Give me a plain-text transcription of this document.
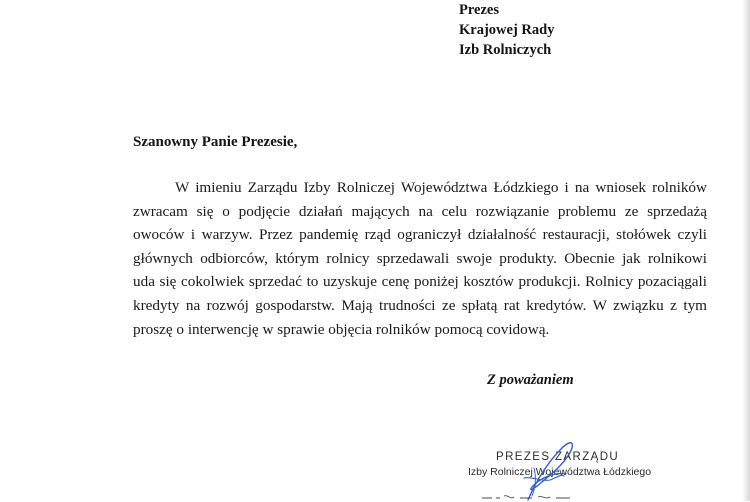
Prezes
Krajowej Rady
Izb Rolniczych
Szanowny Panie Prezesie,
W imieniu Zarządu Izby Rolniczej Województwa Łódzkiego i na wniosek rolników
zwracam się o podjęcie działań mających na celu rozwiązanie problemu ze sprzedażą
owoców i warzyw. Przez pandemię rząd ograniczył działalność restauracji, stołówek czyli
głównych odbiorców, którym rolnicy sprzedawali swoje produkty. Obecnie jak rolnikowi
uda się cokolwiek sprzedać to uzyskuje cenę poniżej kosztów produkcji. Rolnicy pozaciągali
kredyty na rozwój gospodarstw. Mają trudności ze spłatą rat kredytów. W związku z tym
proszę o interwencję w sprawie objęcia rolników pomocą covidową.
Z poważaniem
PREZES ZARZĄDU
Izby Rolniczej Województwa Łódzkiego
